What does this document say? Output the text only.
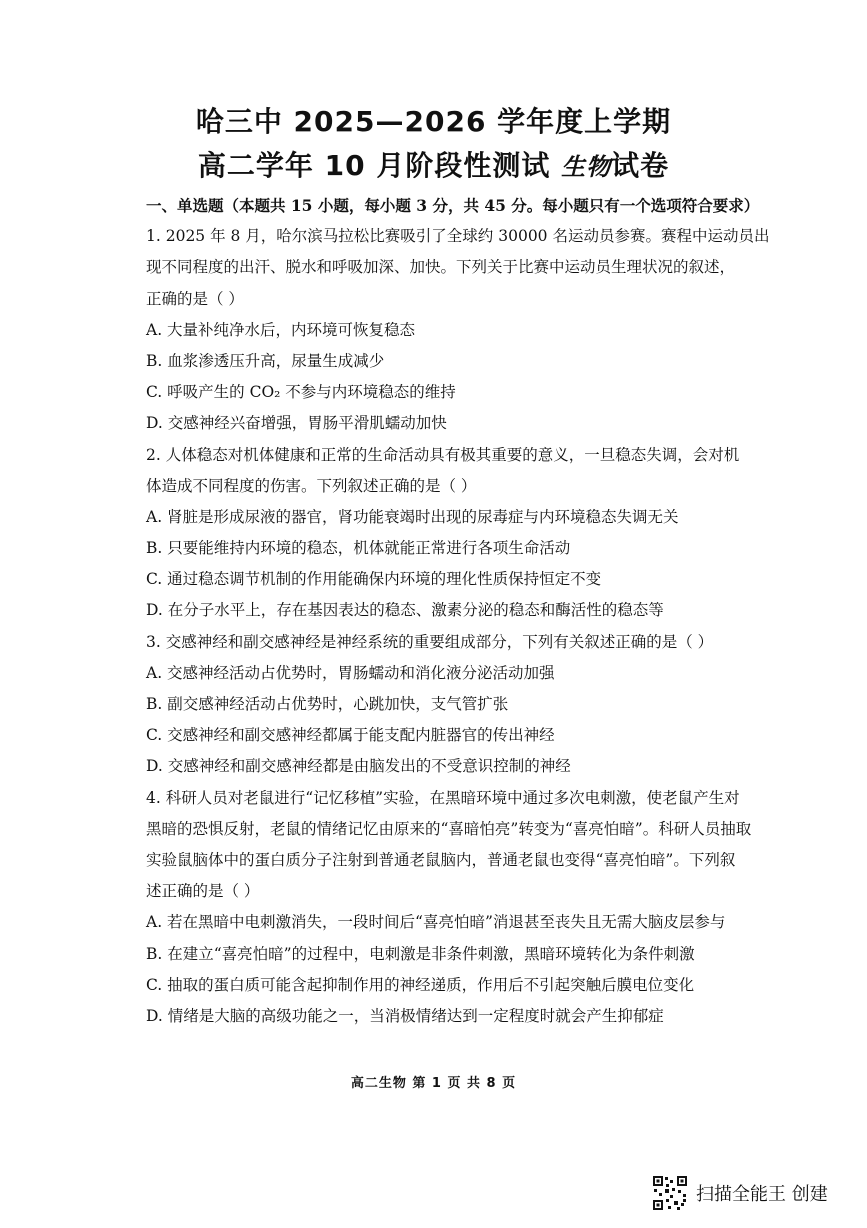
哈三中 2025—2026 学年度上学期
高二学年 10 月阶段性测试 生物试卷
一、单选题（本题共 15 小题，每小题 3 分，共 45 分。每小题只有一个选项符合要求）
1. 2025 年 8 月，哈尔滨马拉松比赛吸引了全球约 30000 名运动员参赛。赛程中运动员出
现不同程度的出汗、脱水和呼吸加深、加快。下列关于比赛中运动员生理状况的叙述，
正确的是（ ）
A. 大量补纯净水后，内环境可恢复稳态
B. 血浆渗透压升高，尿量生成减少
C. 呼吸产生的 CO₂ 不参与内环境稳态的维持
D. 交感神经兴奋增强，胃肠平滑肌蠕动加快
2. 人体稳态对机体健康和正常的生命活动具有极其重要的意义，一旦稳态失调，会对机
体造成不同程度的伤害。下列叙述正确的是（ ）
A. 肾脏是形成尿液的器官，肾功能衰竭时出现的尿毒症与内环境稳态失调无关
B. 只要能维持内环境的稳态，机体就能正常进行各项生命活动
C. 通过稳态调节机制的作用能确保内环境的理化性质保持恒定不变
D. 在分子水平上，存在基因表达的稳态、激素分泌的稳态和酶活性的稳态等
3. 交感神经和副交感神经是神经系统的重要组成部分，下列有关叙述正确的是（ ）
A. 交感神经活动占优势时，胃肠蠕动和消化液分泌活动加强
B. 副交感神经活动占优势时，心跳加快，支气管扩张
C. 交感神经和副交感神经都属于能支配内脏器官的传出神经
D. 交感神经和副交感神经都是由脑发出的不受意识控制的神经
4. 科研人员对老鼠进行“记忆移植”实验，在黑暗环境中通过多次电刺激，使老鼠产生对
黑暗的恐惧反射，老鼠的情绪记忆由原来的“喜暗怕亮”转变为“喜亮怕暗”。科研人员抽取
实验鼠脑体中的蛋白质分子注射到普通老鼠脑内，普通老鼠也变得“喜亮怕暗”。下列叙
述正确的是（ ）
A. 若在黑暗中电刺激消失，一段时间后“喜亮怕暗”消退甚至丧失且无需大脑皮层参与
B. 在建立“喜亮怕暗”的过程中，电刺激是非条件刺激，黑暗环境转化为条件刺激
C. 抽取的蛋白质可能含起抑制作用的神经递质，作用后不引起突触后膜电位变化
D. 情绪是大脑的高级功能之一，当消极情绪达到一定程度时就会产生抑郁症
高二生物 第 1 页 共 8 页
扫描全能王 创建
